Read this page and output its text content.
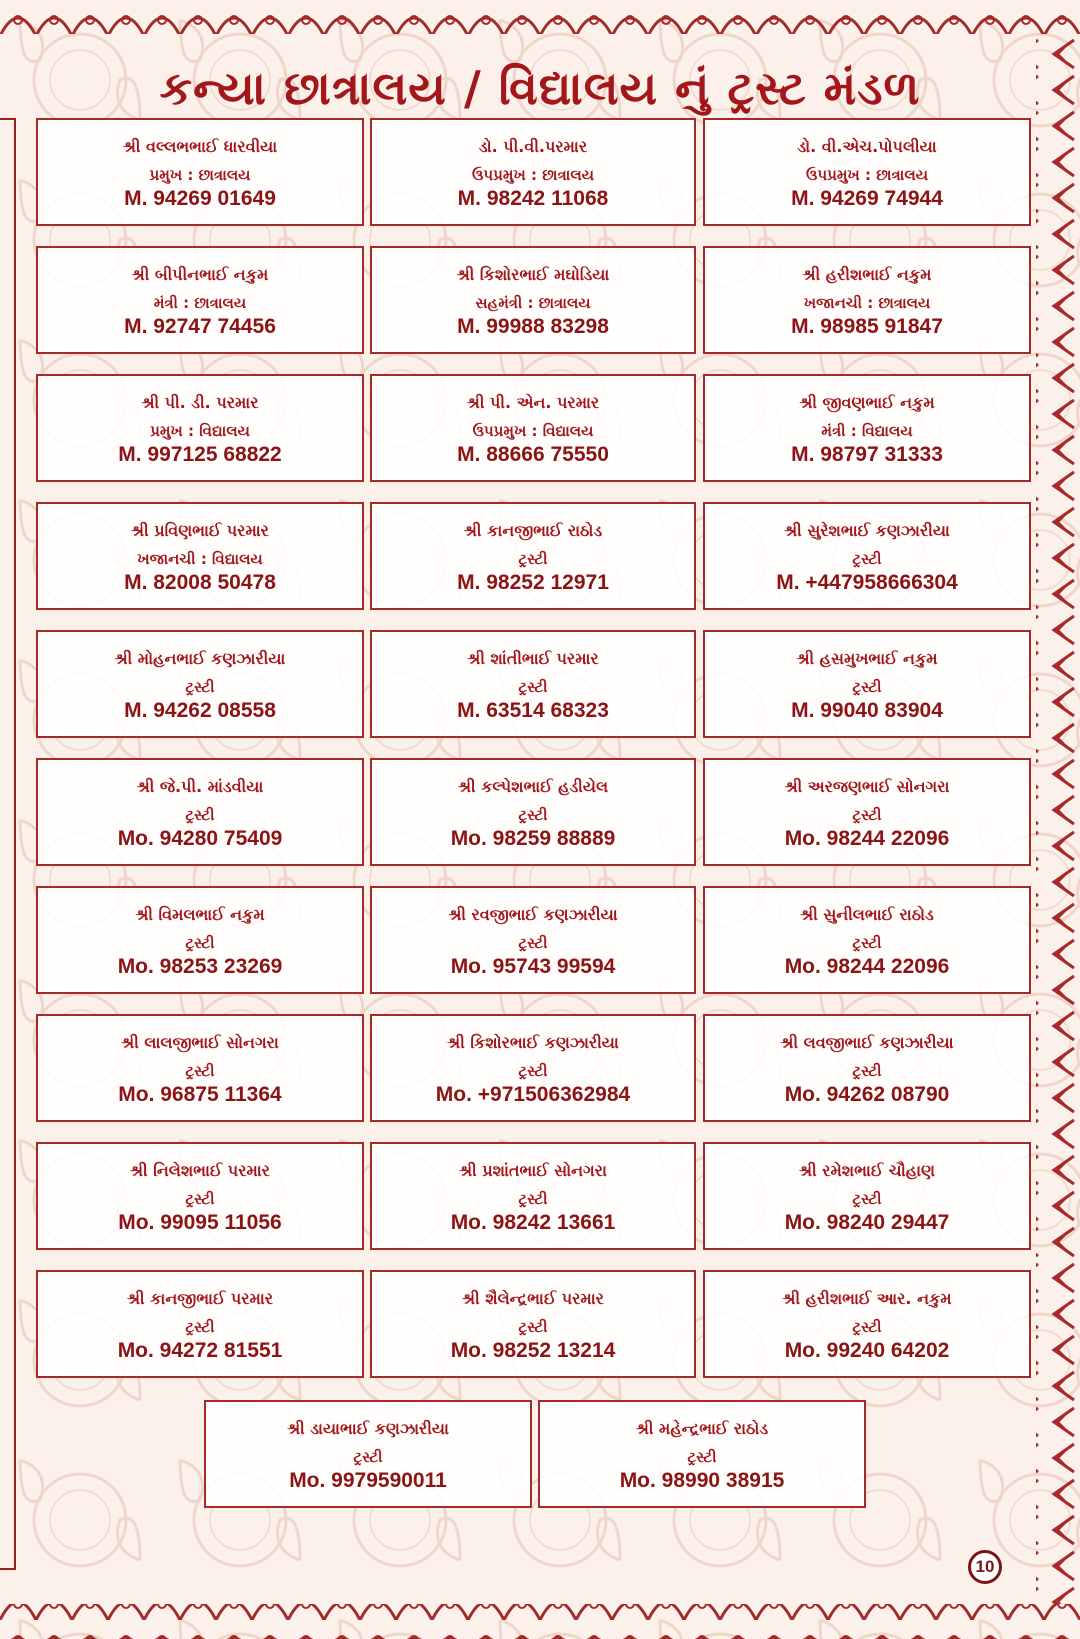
કન્યા છાત્રાલય / વિદ્યાલય નું ટ્રસ્ટ મંડળ
શ્રી વલ્લભભાઈ ધારવીયા
પ્રમુખ : છાત્રાલય
M. 94269 01649
ડો. પી.વી.પરમાર
ઉપપ્રમુખ : છાત્રાલય
M. 98242 11068
ડો. વી.એચ.પોપલીયા
ઉપપ્રમુખ : છાત્રાલય
M. 94269 74944
શ્રી બીપીનભાઈ નકુમ
મંત્રી : છાત્રાલય
M. 92747 74456
શ્રી કિશોરભાઈ મઘોડિયા
સહમંત્રી : છાત્રાલય
M. 99988 83298
શ્રી હરીશભાઈ નકુમ
ખજાનચી : છાત્રાલય
M. 98985 91847
શ્રી પી. ડી. પરમાર
પ્રમુખ : વિદ્યાલય
M. 997125 68822
શ્રી પી. એન. પરમાર
ઉપપ્રમુખ : વિદ્યાલય
M. 88666 75550
શ્રી જીવણભાઈ નકુમ
મંત્રી : વિદ્યાલય
M. 98797 31333
શ્રી પ્રવિણભાઈ પરમાર
ખજાનચી : વિદ્યાલય
M. 82008 50478
શ્રી કાનજીભાઈ રાઠોડ
ટ્રસ્ટી
M. 98252 12971
શ્રી સુરેશભાઈ કણઝારીયા
ટ્રસ્ટી
M. +447958666304
શ્રી મોહનભાઈ કણઝારીયા
ટ્રસ્ટી
M. 94262 08558
શ્રી શાંતીભાઈ પરમાર
ટ્રસ્ટી
M. 63514 68323
શ્રી હસમુખભાઈ નકુમ
ટ્રસ્ટી
M. 99040 83904
શ્રી જે.પી. માંડવીયા
ટ્રસ્ટી
Mo. 94280 75409
શ્રી કલ્પેશભાઈ હડીયેલ
ટ્રસ્ટી
Mo. 98259 88889
શ્રી અરજણભાઈ સોનગરા
ટ્રસ્ટી
Mo. 98244 22096
શ્રી વિમલભાઈ નકુમ
ટ્રસ્ટી
Mo. 98253 23269
શ્રી રવજીભાઈ કણઝારીયા
ટ્રસ્ટી
Mo. 95743 99594
શ્રી સુનીલભાઈ રાઠોડ
ટ્રસ્ટી
Mo. 98244 22096
શ્રી લાલજીભાઈ સોનગરા
ટ્રસ્ટી
Mo. 96875 11364
શ્રી કિશોરભાઈ કણઝારીયા
ટ્રસ્ટી
Mo. +971506362984
શ્રી લવજીભાઈ કણઝારીયા
ટ્રસ્ટી
Mo. 94262 08790
શ્રી નિલેશભાઈ પરમાર
ટ્રસ્ટી
Mo. 99095 11056
શ્રી પ્રશાંતભાઈ સોનગરા
ટ્રસ્ટી
Mo. 98242 13661
શ્રી રમેશભાઈ ચૌહાણ
ટ્રસ્ટી
Mo. 98240 29447
શ્રી કાનજીભાઈ પરમાર
ટ્રસ્ટી
Mo. 94272 81551
શ્રી શૈલેન્દ્રભાઈ પરમાર
ટ્રસ્ટી
Mo. 98252 13214
શ્રી હરીશભાઈ આર. નકુમ
ટ્રસ્ટી
Mo. 99240 64202
શ્રી ડાયાભાઈ કણઝારીયા
ટ્રસ્ટી
Mo. 9979590011
શ્રી મહેન્દ્રભાઈ રાઠોડ
ટ્રસ્ટી
Mo. 98990 38915
10
